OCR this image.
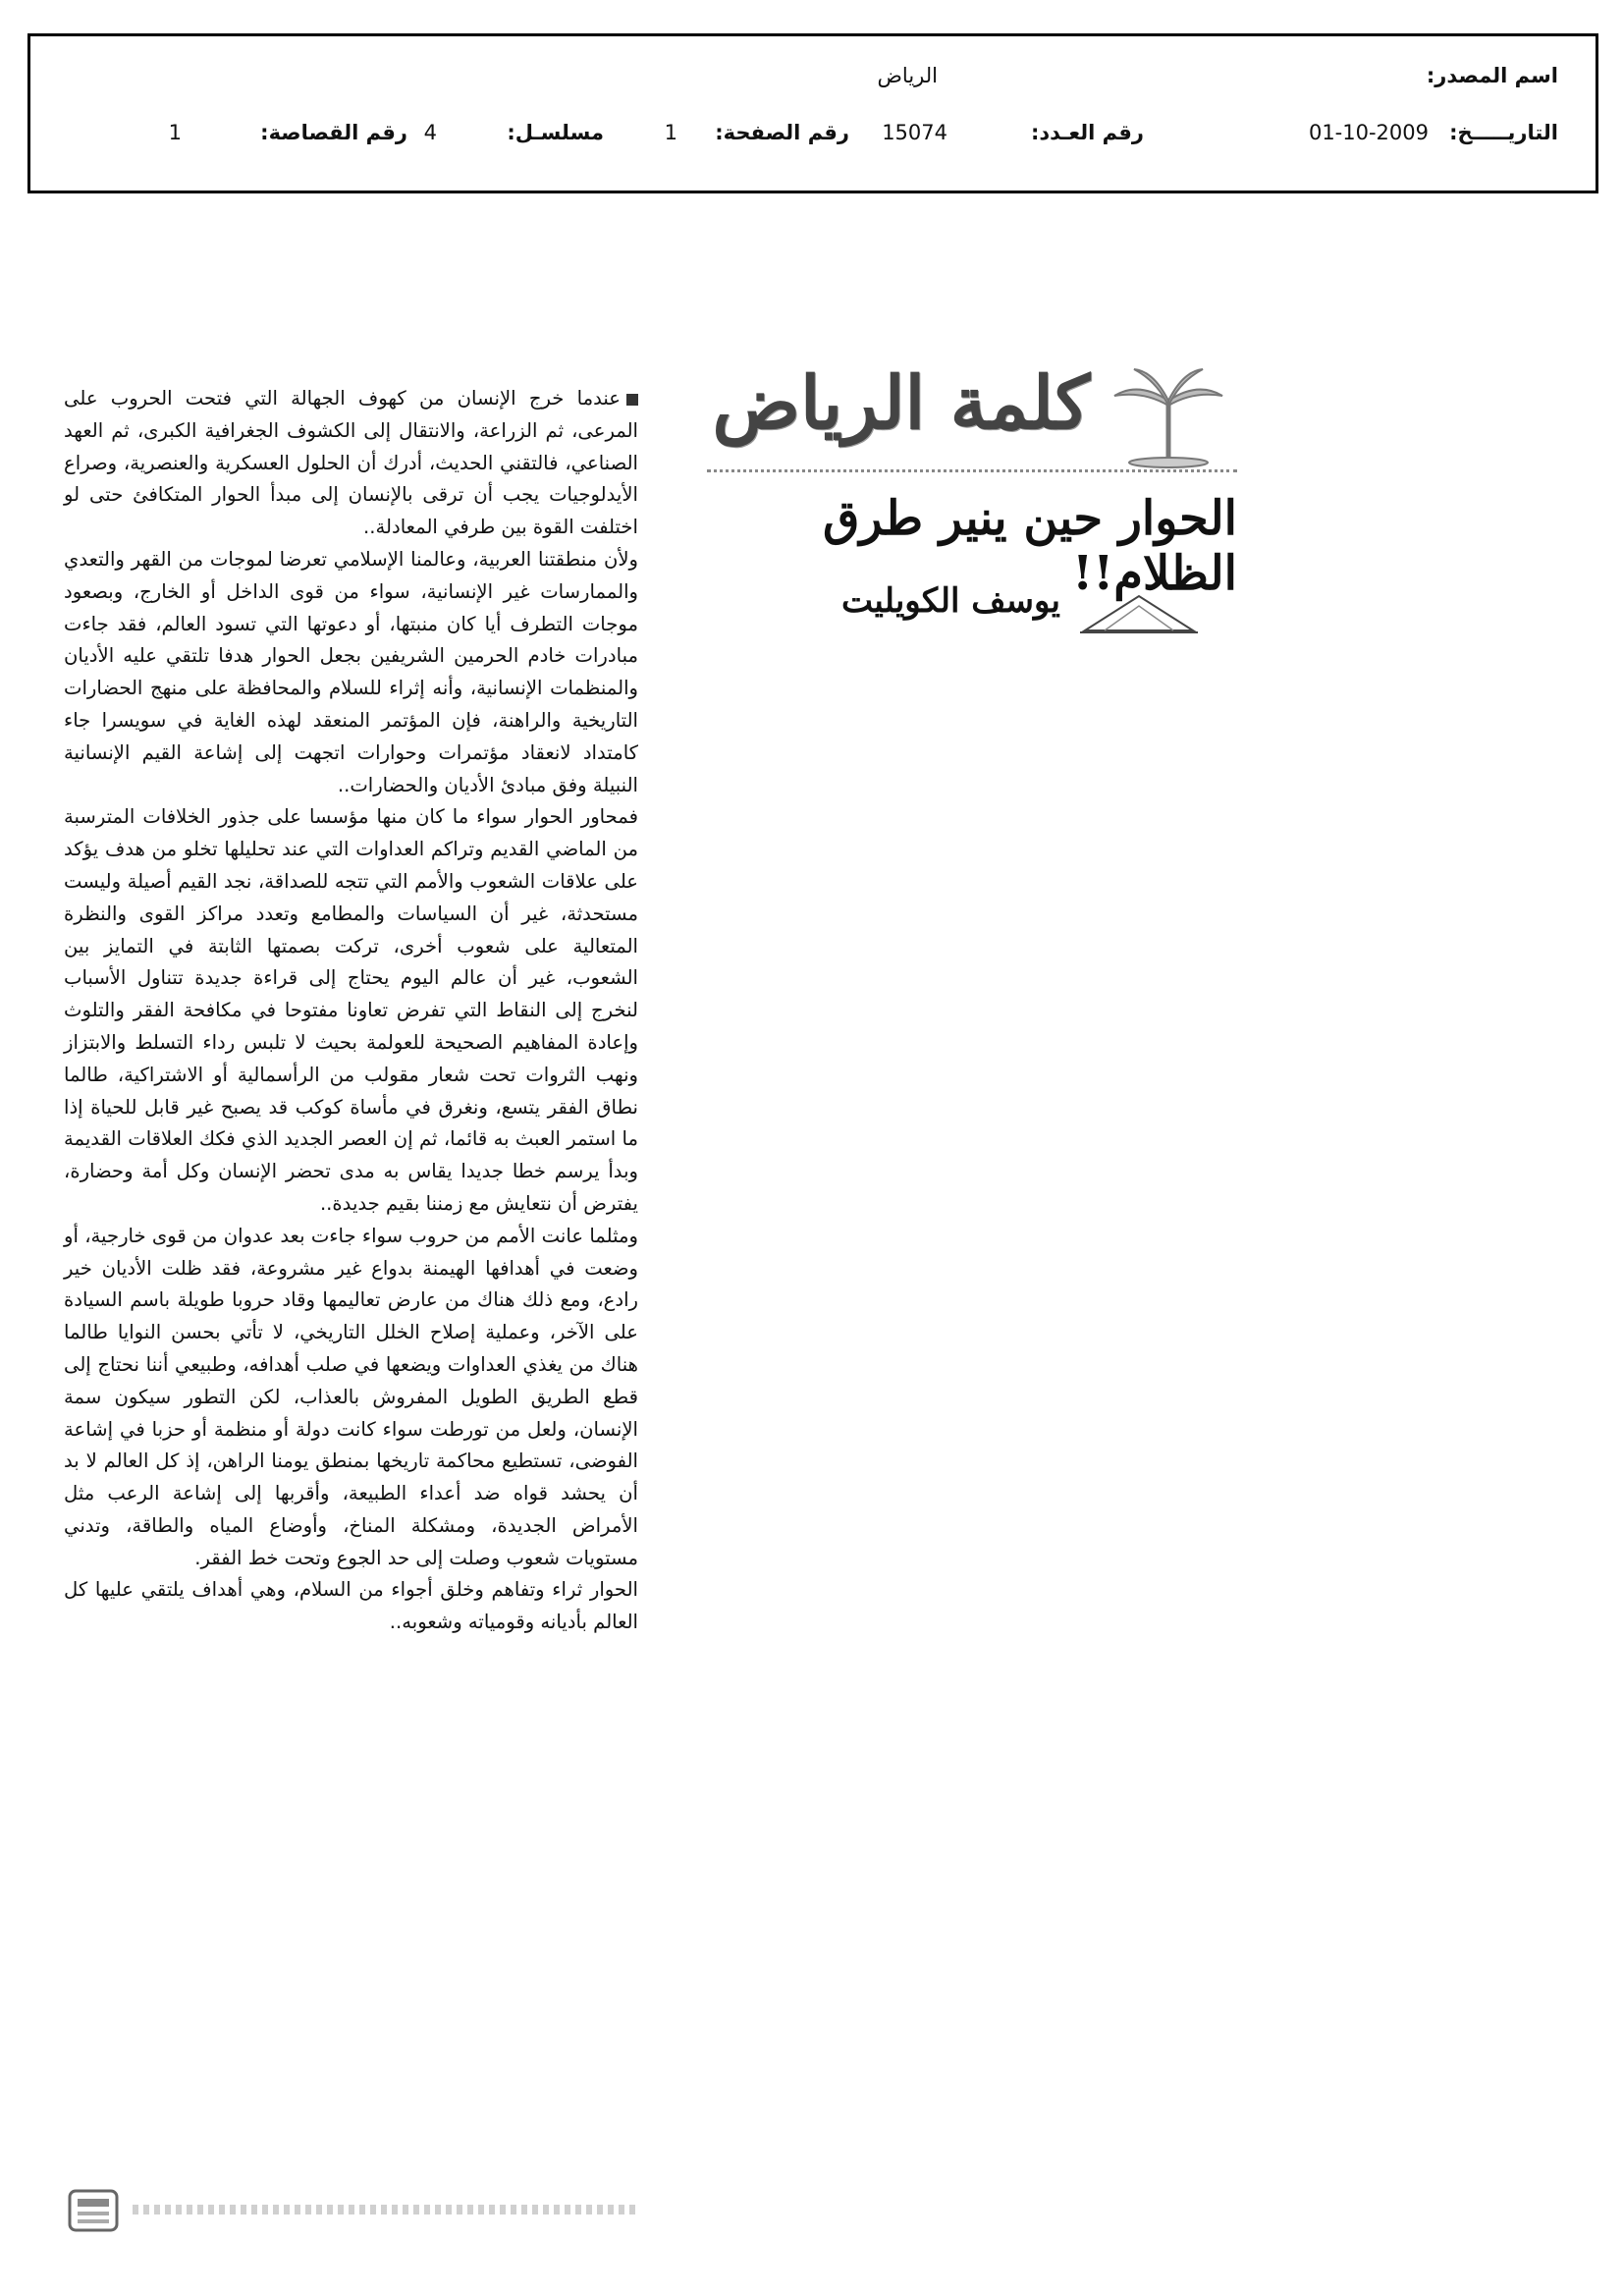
اسم المصدر:
الرياض
التاريـــــخ:
01-10-2009
رقم العـدد:
15074
رقم الصفحة:
1
مسلسـل:
4
رقم القصاصة:
1
كلمة الرياض
الحوار حين ينير طرق الظلام!!
يوسف الكويليت

عندما خرج الإنسان من كهوف الجهالة التي فتحت الحروب على المرعى، ثم الزراعة، والانتقال إلى الكشوف الجغرافية الكبرى، ثم العهد الصناعي، فالتقني الحديث، أدرك أن الحلول العسكرية والعنصرية، وصراع الأيدلوجيات يجب أن ترقى بالإنسان إلى مبدأ الحوار المتكافئ حتى لو اختلفت القوة بين طرفي المعادلة..

ولأن منطقتنا العربية، وعالمنا الإسلامي تعرضا لموجات من القهر والتعدي والممارسات غير الإنسانية، سواء من قوى الداخل أو الخارج، وبصعود موجات التطرف أيا كان منبتها، أو دعوتها التي تسود العالم، فقد جاءت مبادرات خادم الحرمين الشريفين بجعل الحوار هدفا تلتقي عليه الأديان والمنظمات الإنسانية، وأنه إثراء للسلام والمحافظة على منهج الحضارات التاريخية والراهنة، فإن المؤتمر المنعقد لهذه الغاية في سويسرا جاء كامتداد لانعقاد مؤتمرات وحوارات اتجهت إلى إشاعة القيم الإنسانية النبيلة وفق مبادئ الأديان والحضارات..

فمحاور الحوار سواء ما كان منها مؤسسا على جذور الخلافات المترسبة من الماضي القديم وتراكم العداوات التي عند تحليلها تخلو من هدف يؤكد على علاقات الشعوب والأمم التي تتجه للصداقة، نجد القيم أصيلة وليست مستحدثة، غير أن السياسات والمطامع وتعدد مراكز القوى والنظرة المتعالية على شعوب أخرى، تركت بصمتها الثابتة في التمايز بين الشعوب، غير أن عالم اليوم يحتاج إلى قراءة جديدة تتناول الأسباب لنخرج إلى النقاط التي تفرض تعاونا مفتوحا في مكافحة الفقر والتلوث وإعادة المفاهيم الصحيحة للعولمة بحيث لا تلبس رداء التسلط والابتزاز ونهب الثروات تحت شعار مقولب من الرأسمالية أو الاشتراكية، طالما نطاق الفقر يتسع، ونغرق في مأساة كوكب قد يصبح غير قابل للحياة إذا ما استمر العبث به قائما، ثم إن العصر الجديد الذي فكك العلاقات القديمة وبدأ يرسم خطا جديدا يقاس به مدى تحضر الإنسان وكل أمة وحضارة، يفترض أن نتعايش مع زمننا بقيم جديدة..

ومثلما عانت الأمم من حروب سواء جاءت بعد عدوان من قوى خارجية، أو وضعت في أهدافها الهيمنة بدواع غير مشروعة، فقد ظلت الأديان خير رادع، ومع ذلك هناك من عارض تعاليمها وقاد حروبا طويلة باسم السيادة على الآخر، وعملية إصلاح الخلل التاريخي، لا تأتي بحسن النوايا طالما هناك من يغذي العداوات ويضعها في صلب أهدافه، وطبيعي أننا نحتاج إلى قطع الطريق الطويل المفروش بالعذاب، لكن التطور سيكون سمة الإنسان، ولعل من تورطت سواء كانت دولة أو منظمة أو حزبا في إشاعة الفوضى، تستطيع محاكمة تاريخها بمنطق يومنا الراهن، إذ كل العالم لا بد أن يحشد قواه ضد أعداء الطبيعة، وأقربها إلى إشاعة الرعب مثل الأمراض الجديدة، ومشكلة المناخ، وأوضاع المياه والطاقة، وتدني مستويات شعوب وصلت إلى حد الجوع وتحت خط الفقر.

الحوار ثراء وتفاهم وخلق أجواء من السلام، وهي أهداف يلتقي عليها كل العالم بأديانه وقومياته وشعوبه..
